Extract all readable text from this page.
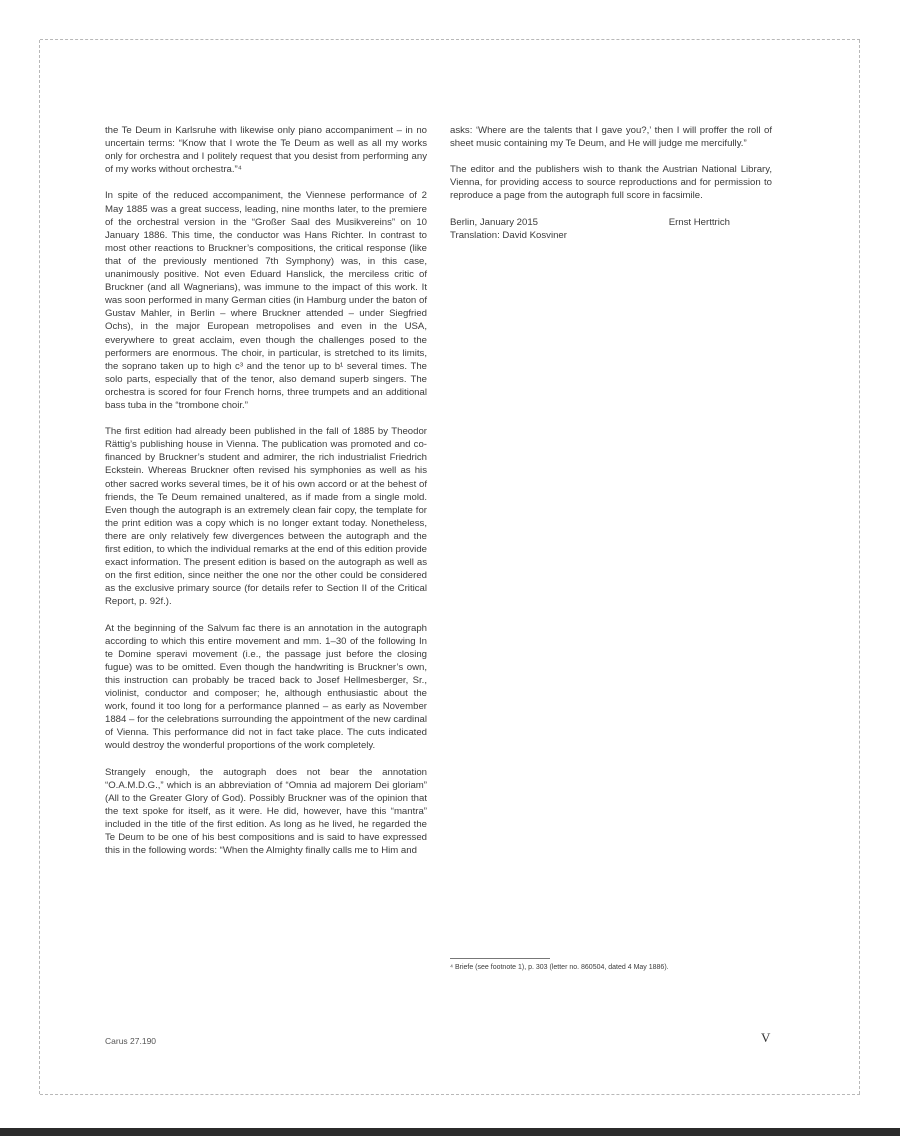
the Te Deum in Karlsruhe with likewise only piano accompaniment – in no uncertain terms: “Know that I wrote the Te Deum as well as all my works only for orchestra and I politely request that you desist from performing any of my works without orchestra.”⁴

In spite of the reduced accompaniment, the Viennese performance of 2 May 1885 was a great success, leading, nine months later, to the premiere of the orchestral version in the “Großer Saal des Musikvereins” on 10 January 1886. This time, the conductor was Hans Richter. In contrast to most other reactions to Bruckner’s compositions, the critical response (like that of the previously mentioned 7th Symphony) was, in this case, unanimously positive. Not even Eduard Hanslick, the merciless critic of Bruckner (and all Wagnerians), was immune to the impact of this work. It was soon performed in many German cities (in Hamburg under the baton of Gustav Mahler, in Berlin – where Bruckner attended – under Siegfried Ochs), in the major European metropolises and even in the USA, everywhere to great acclaim, even though the challenges posed to the performers are enormous. The choir, in particular, is stretched to its limits, the soprano taken up to high c³ and the tenor up to b¹ several times. The solo parts, especially that of the tenor, also demand superb singers. The orchestra is scored for four French horns, three trumpets and an additional bass tuba in the “trombone choir.”

The first edition had already been published in the fall of 1885 by Theodor Rättig’s publishing house in Vienna. The publication was promoted and co-financed by Bruckner’s student and admirer, the rich industrialist Friedrich Eckstein. Whereas Bruckner often revised his symphonies as well as his other sacred works several times, be it of his own accord or at the behest of friends, the Te Deum remained unaltered, as if made from a single mold. Even though the autograph is an extremely clean fair copy, the template for the print edition was a copy which is no longer extant today. Nonetheless, there are only relatively few divergences between the autograph and the first edition, to which the individual remarks at the end of this edition provide exact information. The present edition is based on the autograph as well as on the first edition, since neither the one nor the other could be considered as the exclusive primary source (for details refer to Section II of the Critical Report, p. 92f.).

At the beginning of the Salvum fac there is an annotation in the autograph according to which this entire movement and mm. 1–30 of the following In te Domine speravi movement (i.e., the passage just before the closing fugue) was to be omitted. Even though the handwriting is Bruckner’s own, this instruction can probably be traced back to Josef Hellmesberger, Sr., violinist, conductor and composer; he, although enthusiastic about the work, found it too long for a performance planned – as early as November 1884 – for the celebrations surrounding the appointment of the new cardinal of Vienna. This performance did not in fact take place. The cuts indicated would destroy the wonderful proportions of the work completely.

Strangely enough, the autograph does not bear the annotation “O.A.M.D.G.,” which is an abbreviation of “Omnia ad majorem Dei gloriam” (All to the Greater Glory of God). Possibly Bruckner was of the opinion that the text spoke for itself, as it were. He did, however, have this “mantra” included in the title of the first edition. As long as he lived, he regarded the Te Deum to be one of his best compositions and is said to have expressed this in the following words: “When the Almighty finally calls me to Him and

asks: ‘Where are the talents that I gave you?,’ then I will proffer the roll of sheet music containing my Te Deum, and He will judge me mercifully.”

The editor and the publishers wish to thank the Austrian National Library, Vienna, for providing access to source reproductions and for permission to reproduce a page from the autograph full score in facsimile.

Berlin, January 2015	Ernst Herttrich
Translation: David Kosviner
⁴ Briefe (see footnote 1), p. 303 (letter no. 860504, dated 4 May 1886).
Carus 27.190	V
